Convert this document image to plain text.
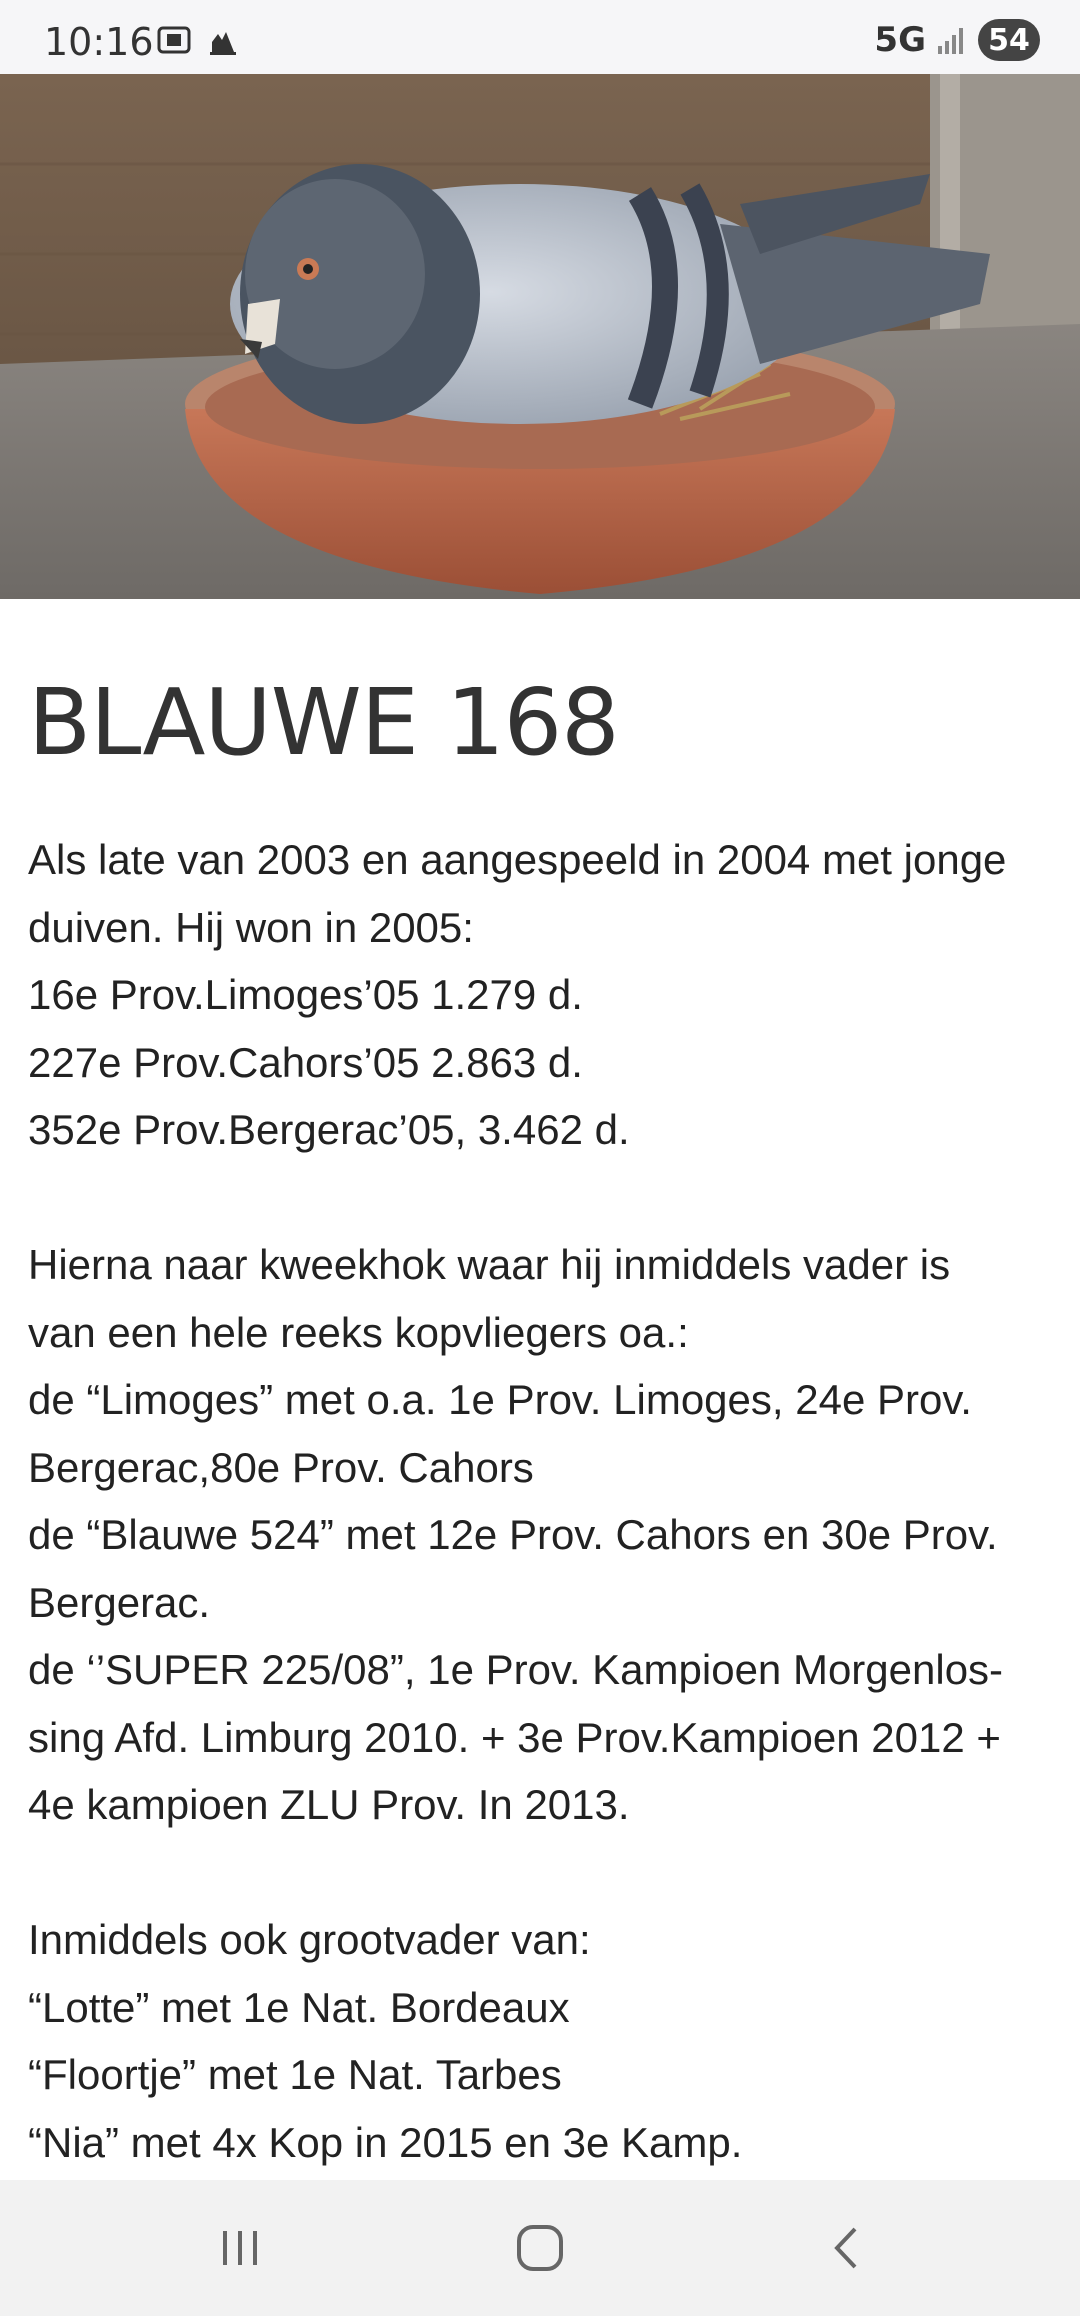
10:16	5G	54
BLAUWE 168
Als late van 2003 en aangespeeld in 2004 met jonge
duiven. Hij won in 2005:
16e Prov.Limoges’05 1.279 d.
227e Prov.Cahors’05 2.863 d.
352e Prov.Bergerac’05, 3.462 d.
Hierna naar kweekhok waar hij inmiddels vader is
van een hele reeks kopvliegers oa.:
de “Limoges” met o.a. 1e Prov. Limoges, 24e Prov.
Bergerac,80e Prov. Cahors
de “Blauwe 524” met 12e Prov. Cahors en 30e Prov.
Bergerac.
de ‘’SUPER 225/08”, 1e Prov. Kampioen Morgenlos-
sing Afd. Limburg 2010. + 3e Prov.Kampioen 2012 +
4e kampioen ZLU Prov. In 2013.
Inmiddels ook grootvader van:
“Lotte” met 1e Nat. Bordeaux
“Floortje” met 1e Nat. Tarbes
“Nia” met 4x Kop in 2015 en 3e Kamp.
